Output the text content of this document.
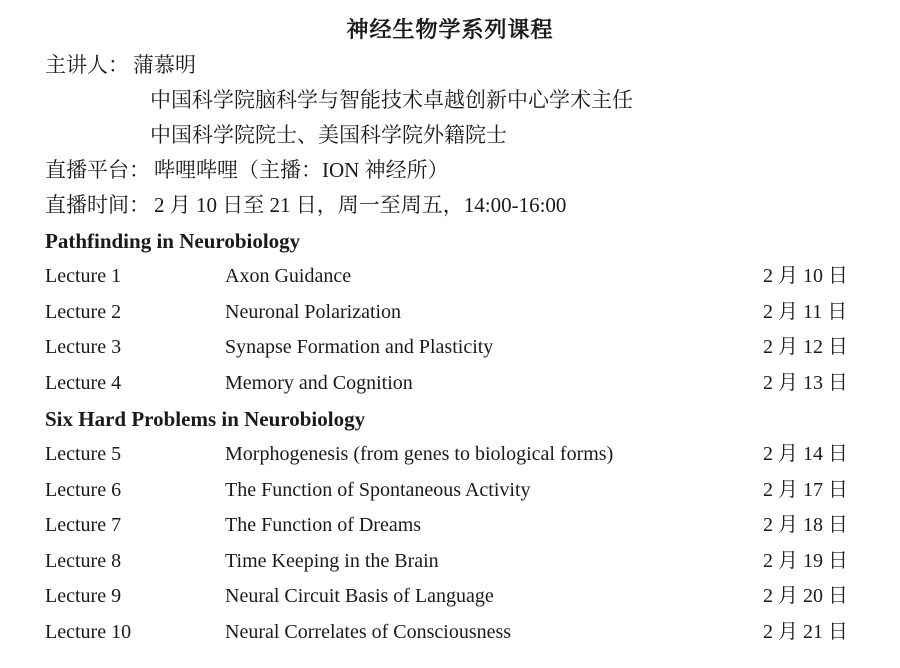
神经生物学系列课程
主讲人： 蒲慕明
中国科学院脑科学与智能技术卓越创新中心学术主任
中国科学院院士、美国科学院外籍院士
直播平台： 哔哩哔哩（主播：ION 神经所）
直播时间： 2 月 10 日至 21 日，周一至周五，14:00-16:00
Pathfinding in Neurobiology
Lecture 1	Axon Guidance	2 月 10 日
Lecture 2	Neuronal Polarization	2 月 11 日
Lecture 3	Synapse Formation and Plasticity	2 月 12 日
Lecture 4	Memory and Cognition	2 月 13 日
Six Hard Problems in Neurobiology
Lecture 5	Morphogenesis (from genes to biological forms)	2 月 14 日
Lecture 6	The Function of Spontaneous Activity	2 月 17 日
Lecture 7	The Function of Dreams	2 月 18 日
Lecture 8	Time Keeping in the Brain	2 月 19 日
Lecture 9	Neural Circuit Basis of Language	2 月 20 日
Lecture 10	Neural Correlates of Consciousness	2 月 21 日
